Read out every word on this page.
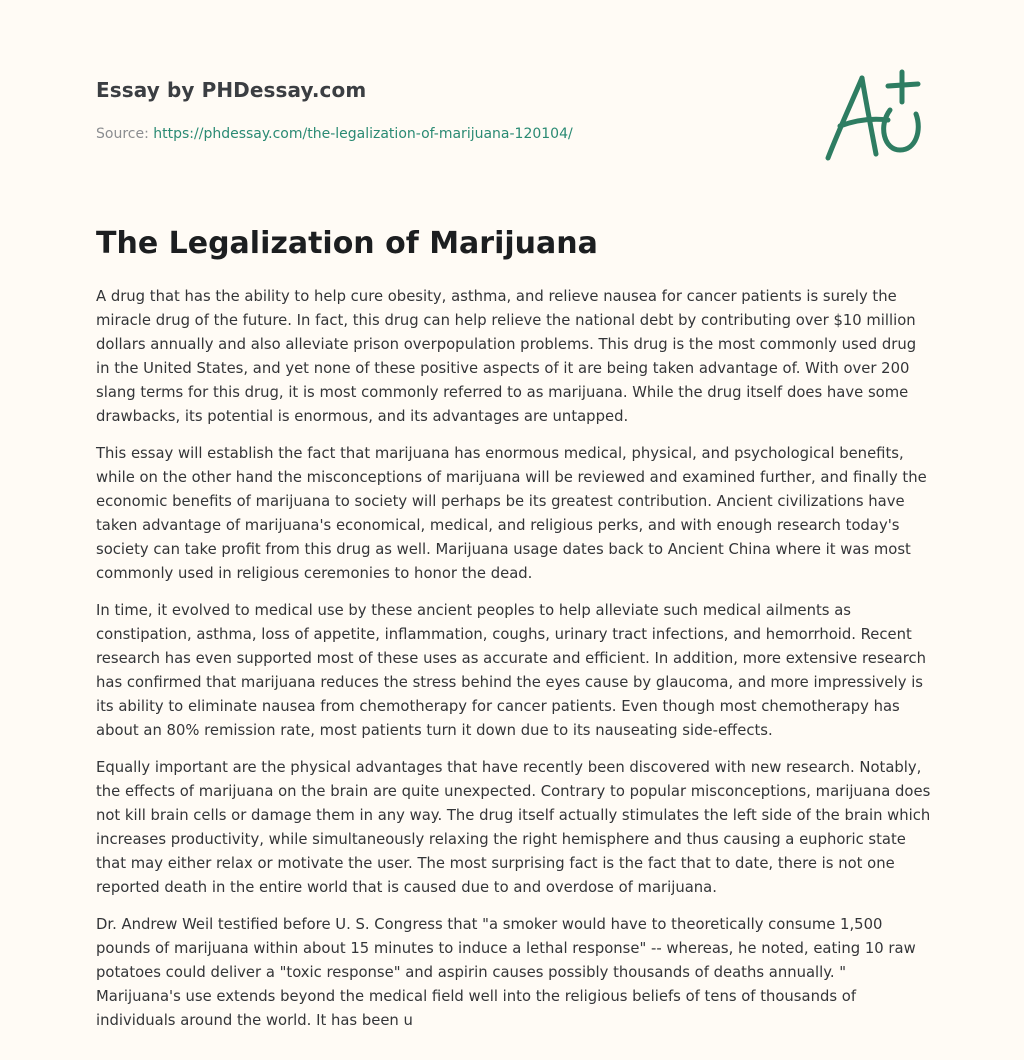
Essay by PHDessay.com
Source: https://phdessay.com/the-legalization-of-marijuana-120104/
The Legalization of Marijuana

A drug that has the ability to help cure obesity, asthma, and relieve nausea for cancer patients is surely the miracle drug of the future. In fact, this drug can help relieve the national debt by contributing over $10 million dollars annually and also alleviate prison overpopulation problems. This drug is the most commonly used drug in the United States, and yet none of these positive aspects of it are being taken advantage of. With over 200 slang terms for this drug, it is most commonly referred to as marijuana. While the drug itself does have some drawbacks, its potential is enormous, and its advantages are untapped.

This essay will establish the fact that marijuana has enormous medical, physical, and psychological benefits, while on the other hand the misconceptions of marijuana will be reviewed and examined further, and finally the economic benefits of marijuana to society will perhaps be its greatest contribution. Ancient civilizations have taken advantage of marijuana's economical, medical, and religious perks, and with enough research today's society can take profit from this drug as well. Marijuana usage dates back to Ancient China where it was most commonly used in religious ceremonies to honor the dead.

In time, it evolved to medical use by these ancient peoples to help alleviate such medical ailments as constipation, asthma, loss of appetite, inflammation, coughs, urinary tract infections, and hemorrhoid. Recent research has even supported most of these uses as accurate and efficient. In addition, more extensive research has confirmed that marijuana reduces the stress behind the eyes cause by glaucoma, and more impressively is its ability to eliminate nausea from chemotherapy for cancer patients. Even though most chemotherapy has about an 80% remission rate, most patients turn it down due to its nauseating side-effects.

Equally important are the physical advantages that have recently been discovered with new research. Notably, the effects of marijuana on the brain are quite unexpected. Contrary to popular misconceptions, marijuana does not kill brain cells or damage them in any way. The drug itself actually stimulates the left side of the brain which increases productivity, while simultaneously relaxing the right hemisphere and thus causing a euphoric state that may either relax or motivate the user. The most surprising fact is the fact that to date, there is not one reported death in the entire world that is caused due to and overdose of marijuana.

Dr. Andrew Weil testified before U. S. Congress that "a smoker would have to theoretically consume 1,500 pounds of marijuana within about 15 minutes to induce a lethal response" -- whereas, he noted, eating 10 raw potatoes could deliver a "toxic response" and aspirin causes possibly thousands of deaths annually. " Marijuana's use extends beyond the medical field well into the religious beliefs of tens of thousands of individuals around the world. It has been u
